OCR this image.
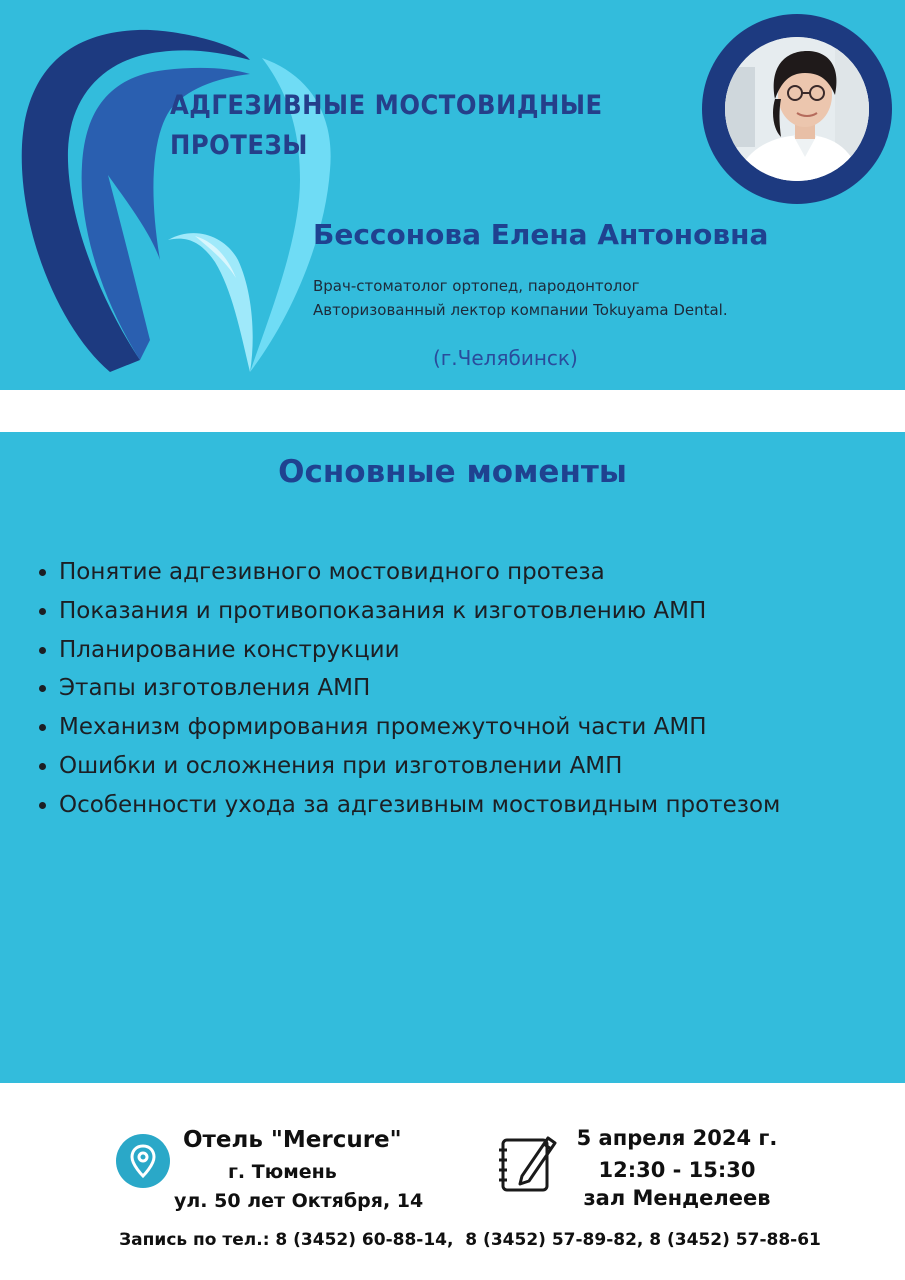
АДГЕЗИВНЫЕ МОСТОВИДНЫЕ
ПРОТЕЗЫ
Бессонова Елена Антоновна
Врач-стоматолог ортопед, пародонтолог
Авторизованный лектор компании Tokuyama Dental.
(г.Челябинск)
Основные моменты
• Понятие адгезивного мостовидного протеза
• Показания и противопоказания к изготовлению АМП
• Планирование конструкции
• Этапы изготовления АМП
• Механизм формирования промежуточной части АМП
• Ошибки и осложнения при изготовлении АМП
• Особенности ухода за адгезивным мостовидным протезом
Отель "Mercure"
г. Тюмень
ул. 50 лет Октября, 14
5 апреля 2024 г.
12:30 - 15:30
зал Менделеев
Запись по тел.: 8 (3452) 60-88-14,  8 (3452) 57-89-82, 8 (3452) 57-88-61
